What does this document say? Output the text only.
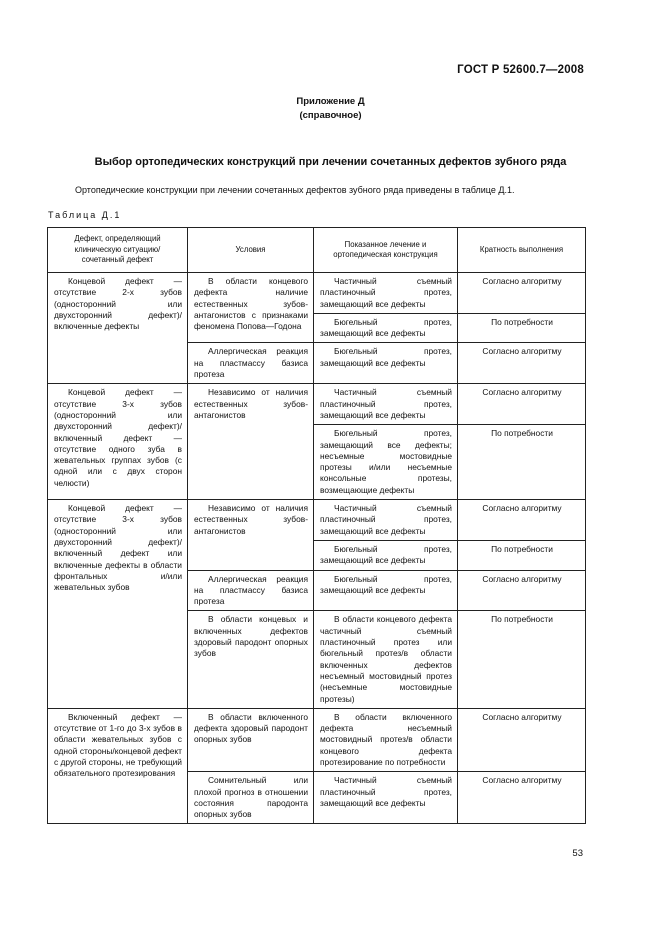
ГОСТ Р 52600.7—2008
Приложение Д
(справочное)
Выбор ортопедических конструкций при лечении сочетанных дефектов зубного ряда
Ортопедические конструкции при лечении сочетанных дефектов зубного ряда приведены в таблице Д.1.
Таблица Д.1
Дефект, определяющий клиническую ситуацию/сочетанный дефект	Условия	Показанное лечение и ортопедическая конструкция	Кратность выполнения
Концевой дефект — отсутствие 2-х зубов (односторонний или двухсторонний дефект)/включенные дефекты	В области концевого дефекта наличие естественных зубов-антагонистов с признаками феномена Попова—Годона	Частичный съемный пластиночный протез, замещающий все дефекты	Согласно алгоритму
		Бюгельный протез, замещающий все дефекты	По потребности
	Аллергическая реакция на пластмассу базиса протеза	Бюгельный протез, замещающий все дефекты	Согласно алгоритму
Концевой дефект — отсутствие 3-х зубов (односторонний или двухсторонний дефект)/включенный дефект — отсутствие одного зуба в жевательных группах зубов (с одной или с двух сторон челюсти)	Независимо от наличия естественных зубов-антагонистов	Частичный съемный пластиночный протез, замещающий все дефекты	Согласно алгоритму
		Бюгельный протез, замещающий все дефекты; несъемные мостовидные протезы и/или несъемные консольные протезы, возмещающие дефекты	По потребности
Концевой дефект — отсутствие 3-х зубов (односторонний или двухсторонний дефект)/включенный дефект или включенные дефекты в области фронтальных и/или жевательных зубов	Независимо от наличия естественных зубов-антагонистов	Частичный съемный пластиночный протез, замещающий все дефекты	Согласно алгоритму
		Бюгельный протез, замещающий все дефекты	По потребности
	Аллергическая реакция на пластмассу базиса протеза	Бюгельный протез, замещающий все дефекты	Согласно алгоритму
	В области концевых и включенных дефектов здоровый пародонт опорных зубов	В области концевого дефекта частичный съемный пластиночный протез или бюгельный протез/в области включенных дефектов несъемный мостовидный протез (несъемные мостовидные протезы)	По потребности
Включенный дефект — отсутствие от 1-го до 3-х зубов в области жевательных зубов с одной стороны/концевой дефект с другой стороны, не требующий обязательного протезирования	В области включенного дефекта здоровый пародонт опорных зубов	В области включенного дефекта несъемный мостовидный протез/в области концевого дефекта протезирование по потребности	Согласно алгоритму
	Сомнительный или плохой прогноз в отношении состояния пародонта опорных зубов	Частичный съемный пластиночный протез, замещающий все дефекты	Согласно алгоритму
53
